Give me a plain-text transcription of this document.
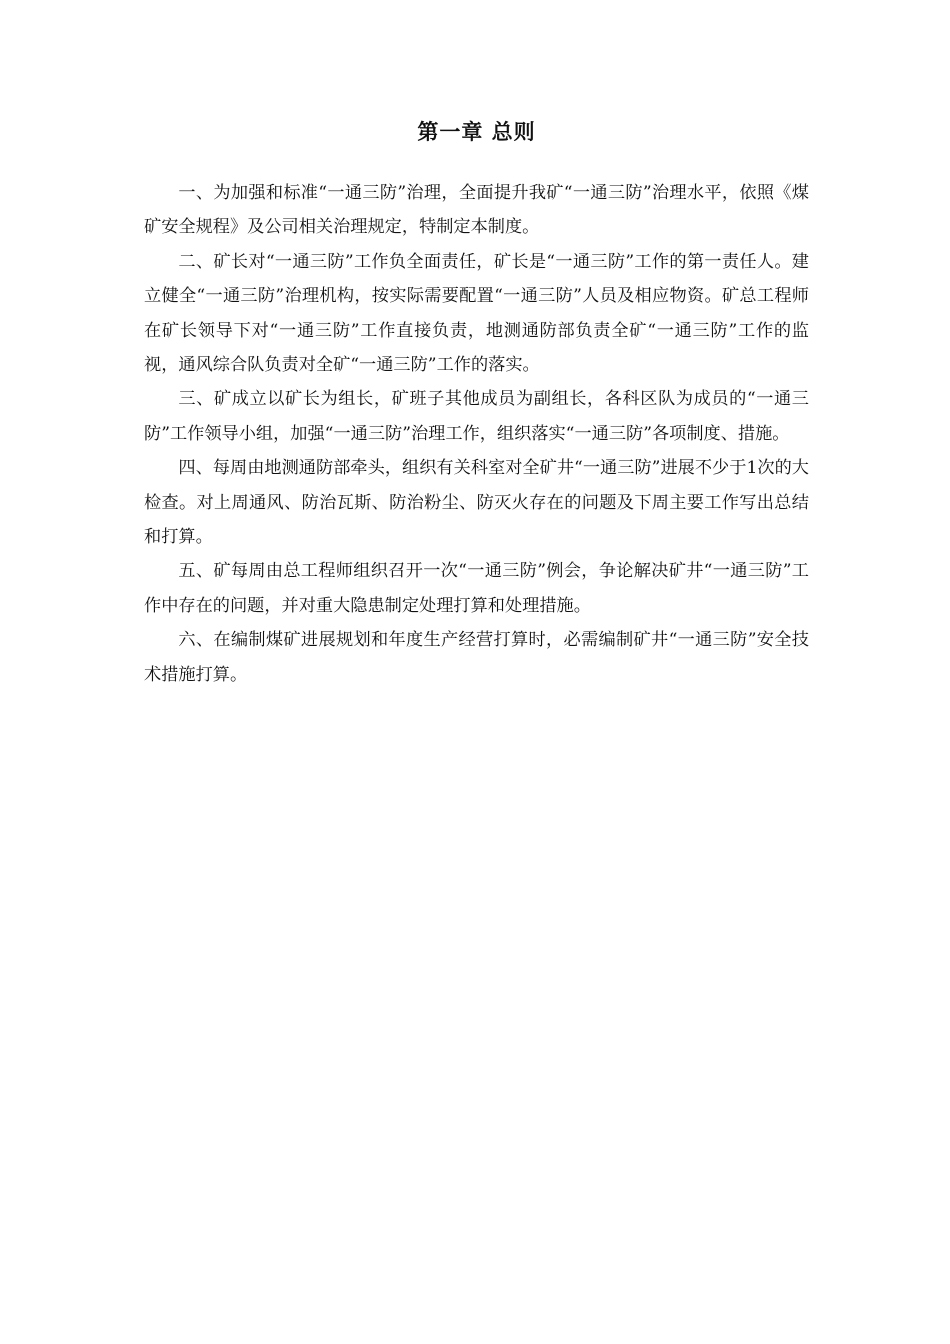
第一章 总则

一、为加强和标准“一通三防”治理，全面提升我矿“一通三防”治理水平，依照《煤矿安全规程》及公司相关治理规定，特制定本制度。

二、矿长对“一通三防”工作负全面责任，矿长是“一通三防”工作的第一责任人。建立健全“一通三防”治理机构，按实际需要配置“一通三防”人员及相应物资。矿总工程师在矿长领导下对“一通三防”工作直接负责，地测通防部负责全矿“一通三防”工作的监视，通风综合队负责对全矿“一通三防”工作的落实。

三、矿成立以矿长为组长，矿班子其他成员为副组长，各科区队为成员的“一通三防”工作领导小组，加强“一通三防”治理工作，组织落实“一通三防”各项制度、措施。

四、每周由地测通防部牵头，组织有关科室对全矿井“一通三防”进展不少于1次的大检查。对上周通风、防治瓦斯、防治粉尘、防灭火存在的问题及下周主要工作写出总结和打算。

五、矿每周由总工程师组织召开一次“一通三防”例会，争论解决矿井“一通三防”工作中存在的问题，并对重大隐患制定处理打算和处理措施。

六、在编制煤矿进展规划和年度生产经营打算时，必需编制矿井“一通三防”安全技术措施打算。
